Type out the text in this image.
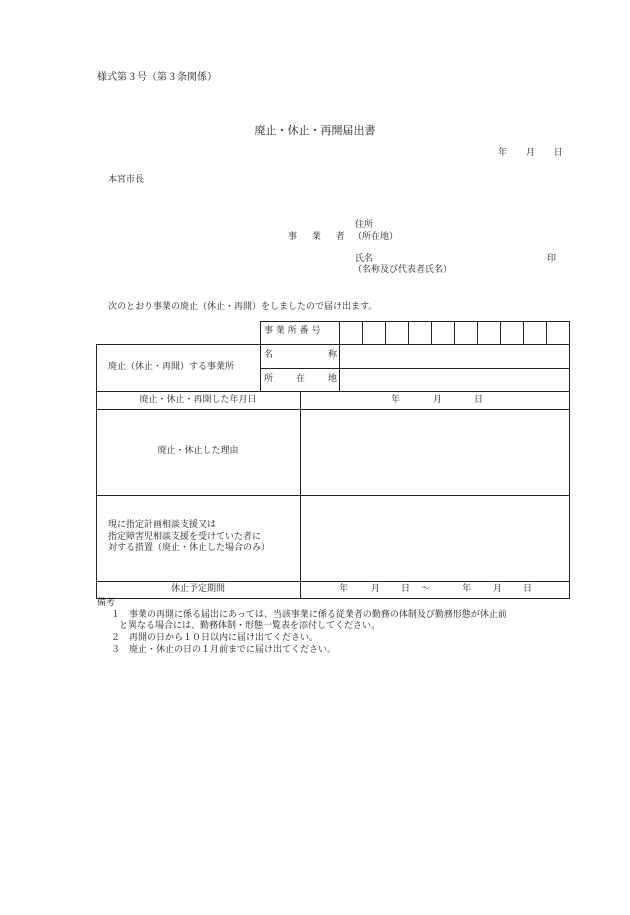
様式第３号（第３条関係）
廃止・休止・再開届出書
年 月 日
本宮市長
事 業 者
住所
（所在地）
氏名
（名称及び代表者氏名）
印
次のとおり事業の廃止（休止・再開）をしましたので届け出ます。
事 業 所 番 号
廃止（休止・再開）する事業所
名	称
所	在	地
廃止・休止・再開した年月日	年	月	日
廃止・休止した理由
現に指定計画相談支援又は
指定障害児相談支援を受けていた者に
対する措置（廃止・休止した場合のみ）
休止予定期間	年	月 日 ～	年 月 日
備考
１　事業の再開に係る届出にあっては、当該事業に係る従業者の勤務の体制及び勤務形態が休止前
と異なる場合には、勤務体制・形態一覧表を添付してください。
２　再開の日から１０日以内に届け出てください。
３　廃止・休止の日の１月前までに届け出てください。
